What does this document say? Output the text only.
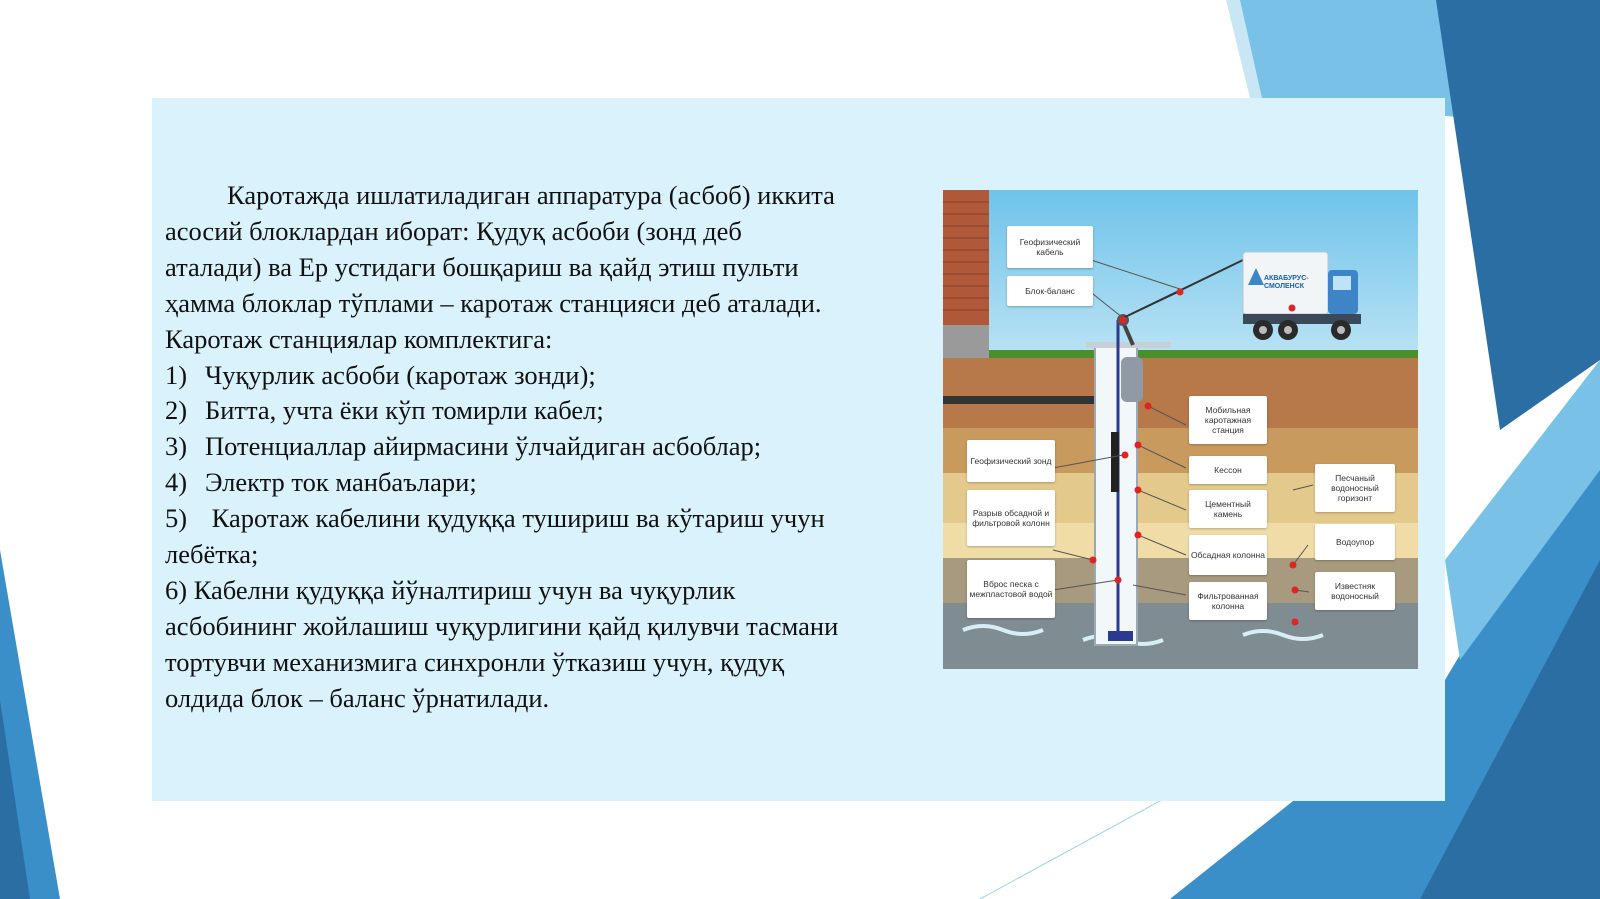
Каротажда ишлатиладиган аппаратура (асбоб) иккита

асосий блоклардан иборат: Қудуқ асбоби (зонд деб

аталади) ва Ер устидаги бошқариш ва қайд этиш пульти

ҳамма блоклар тўплами – каротаж станцияси деб аталади.

Каротаж станциялар комплектига:

1) Чуқурлик асбоби (каротаж зонди);
2) Битта, учта ёки кўп томирли кабел;
3) Потенциаллар айирмасини ўлчайдиган асбоблар;
4) Электр ток манбаълари;
5) Каротаж кабелини қудуққа тушириш ва кўтариш учун

лебётка;

6) Кабелни қудуққа йўналтириш учун ва чуқурлик

асбобининг жойлашиш чуқурлигини қайд қилувчи тасмани

тортувчи механизмига синхронли ўтказиш учун, қудуқ

олдида блок – баланс ўрнатилади.

АКВАБУРУС-
СМОЛЕНСК
Геофизический кабель
Блок-баланс
Мобильная каротажная станция
Геофизический зонд
Кессон
Песчаный водоносный горизонт
Разрыв обсадной и фильтровой колонн
Цементный камень
Водоупор
Обсадная колонна
Вброс песка с межпластовой водой	Фильтрованная колонна
Известняк водоносный
